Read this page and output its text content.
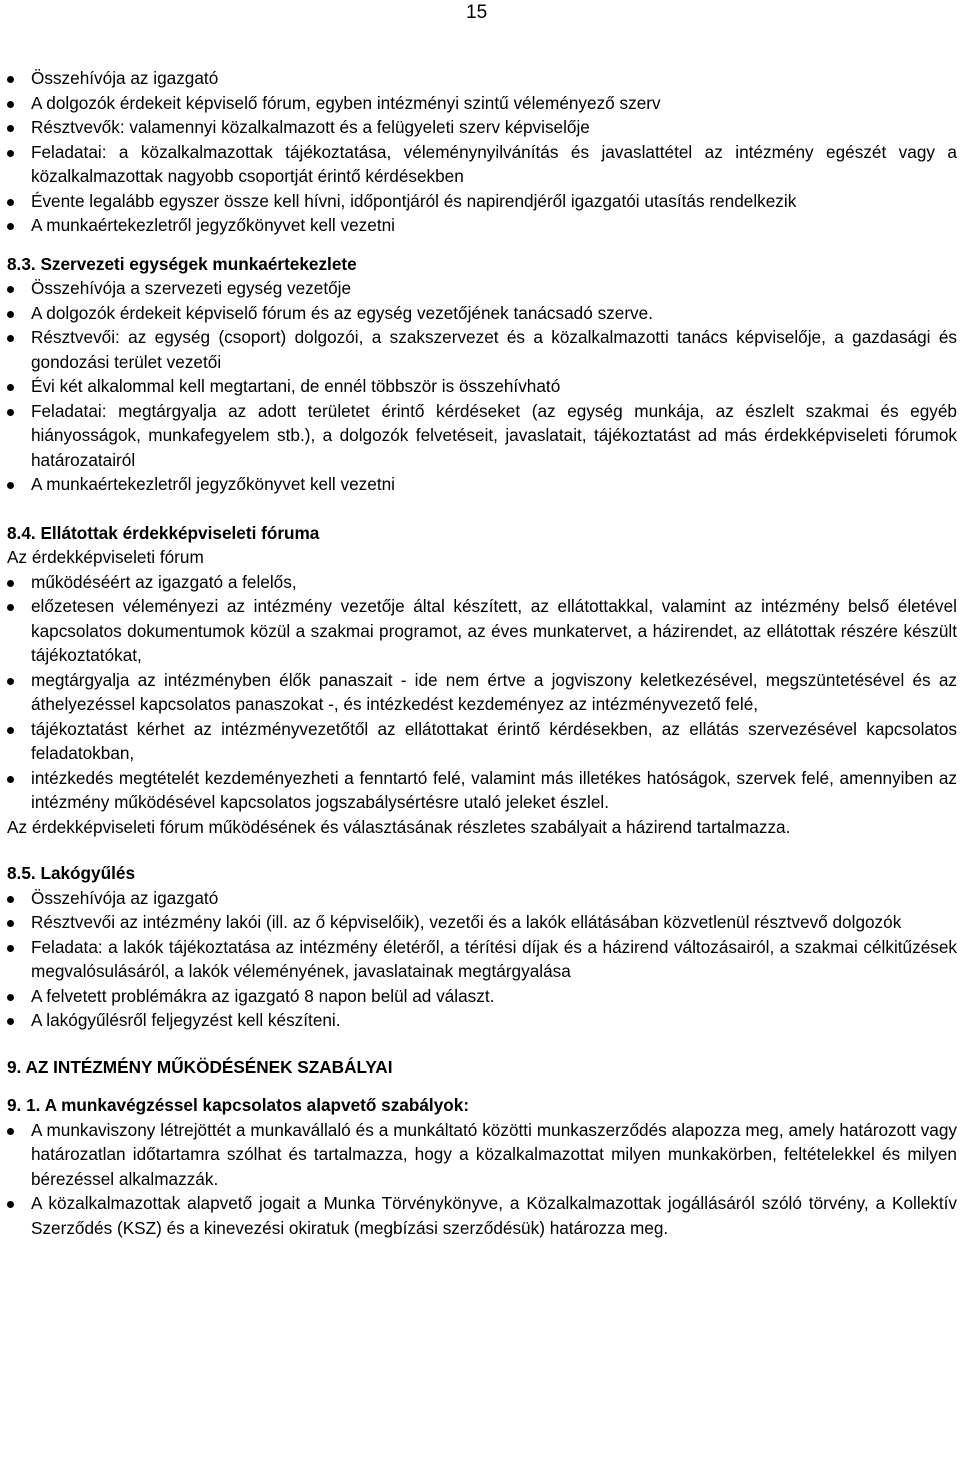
15
Összehívója az igazgató
A dolgozók érdekeit képviselő fórum, egyben intézményi szintű véleményező szerv
Résztvevők: valamennyi közalkalmazott és a felügyeleti szerv képviselője
Feladatai: a közalkalmazottak tájékoztatása, véleménynyilvánítás és javaslattétel az intézmény egészét vagy a közalkalmazottak nagyobb csoportját érintő kérdésekben
Évente legalább egyszer össze kell hívni, időpontjáról és napirendjéről igazgatói utasítás rendelkezik
A munkaértekezletről jegyzőkönyvet kell vezetni
8.3. Szervezeti egységek munkaértekezlete
Összehívója a szervezeti egység vezetője
A dolgozók érdekeit képviselő fórum és az egység vezetőjének tanácsadó szerve.
Résztvevői: az egység (csoport) dolgozói, a szakszervezet és a közalkalmazotti tanács képviselője, a gazdasági és gondozási terület vezetői
Évi két alkalommal kell megtartani, de ennél többször is összehívható
Feladatai: megtárgyalja az adott területet érintő kérdéseket (az egység munkája, az észlelt szakmai és egyéb hiányosságok, munkafegyelem stb.), a dolgozók felvetéseit, javaslatait, tájékoztatást ad más érdekképviseleti fórumok határozatairól
A munkaértekezletről jegyzőkönyvet kell vezetni
8.4. Ellátottak érdekképviseleti fóruma
Az érdekképviseleti fórum
működéséért az igazgató a felelős,
előzetesen véleményezi az intézmény vezetője által készített, az ellátottakkal, valamint az intézmény belső életével kapcsolatos dokumentumok közül a szakmai programot, az éves munkatervet, a házirendet, az ellátottak részére készült tájékoztatókat,
megtárgyalja az intézményben élők panaszait - ide nem értve a jogviszony keletkezésével, megszüntetésével és az áthelyezéssel kapcsolatos panaszokat -, és intézkedést kezdeményez az intézményvezető felé,
tájékoztatást kérhet az intézményvezetőtől az ellátottakat érintő kérdésekben, az ellátás szervezésével kapcsolatos feladatokban,
intézkedés megtételét kezdeményezheti a fenntartó felé, valamint más illetékes hatóságok, szervek felé, amennyiben az intézmény működésével kapcsolatos jogszabálysértésre utaló jeleket észlel.
Az érdekképviseleti fórum működésének és választásának részletes szabályait a házirend tartalmazza.
8.5. Lakógyűlés
Összehívója az igazgató
Résztvevői az intézmény lakói (ill. az ő képviselőik), vezetői és a lakók ellátásában közvetlenül résztvevő dolgozók
Feladata: a lakók tájékoztatása az intézmény életéről, a térítési díjak és a házirend változásairól, a szakmai célkitűzések megvalósulásáról, a lakók véleményének, javaslatainak megtárgyalása
A felvetett problémákra az igazgató 8 napon belül ad választ.
A lakógyűlésről feljegyzést kell készíteni.
9. AZ INTÉZMÉNY MŰKÖDÉSÉNEK SZABÁLYAI
9. 1. A munkavégzéssel kapcsolatos alapvető szabályok:
A munkaviszony létrejöttét a munkavállaló és a munkáltató közötti munkaszerződés alapozza meg, amely határozott vagy határozatlan időtartamra szólhat és tartalmazza, hogy a közalkalmazottat milyen munkakörben, feltételekkel és milyen bérezéssel alkalmazzák.
A közalkalmazottak alapvető jogait a Munka Törvénykönyve, a Közalkalmazottak jogállásáról szóló törvény, a Kollektív Szerződés (KSZ) és a kinevezési okiratuk (megbízási szerződésük) határozza meg.
